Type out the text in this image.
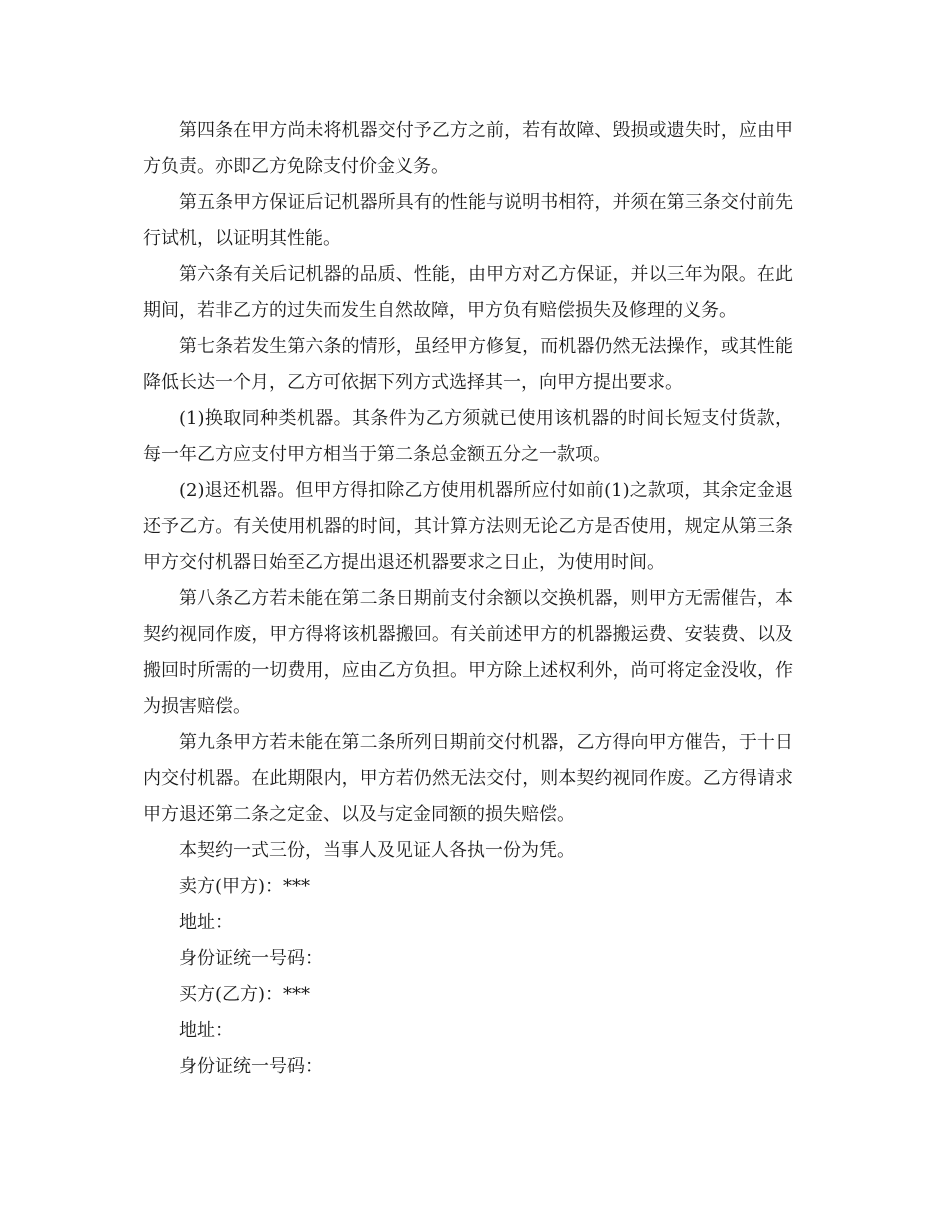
第四条在甲方尚未将机器交付予乙方之前，若有故障、毁损或遗失时，应由甲方负责。亦即乙方免除支付价金义务。

第五条甲方保证后记机器所具有的性能与说明书相符，并须在第三条交付前先行试机，以证明其性能。

第六条有关后记机器的品质、性能，由甲方对乙方保证，并以三年为限。在此期间，若非乙方的过失而发生自然故障，甲方负有赔偿损失及修理的义务。

第七条若发生第六条的情形，虽经甲方修复，而机器仍然无法操作，或其性能降低长达一个月，乙方可依据下列方式选择其一，向甲方提出要求。

(1)换取同种类机器。其条件为乙方须就已使用该机器的时间长短支付货款，每一年乙方应支付甲方相当于第二条总金额五分之一款项。

(2)退还机器。但甲方得扣除乙方使用机器所应付如前(1)之款项，其余定金退还予乙方。有关使用机器的时间，其计算方法则无论乙方是否使用，规定从第三条甲方交付机器日始至乙方提出退还机器要求之日止，为使用时间。

第八条乙方若未能在第二条日期前支付余额以交换机器，则甲方无需催告，本契约视同作废，甲方得将该机器搬回。有关前述甲方的机器搬运费、安装费、以及搬回时所需的一切费用，应由乙方负担。甲方除上述权利外，尚可将定金没收，作为损害赔偿。

第九条甲方若未能在第二条所列日期前交付机器，乙方得向甲方催告，于十日内交付机器。在此期限内，甲方若仍然无法交付，则本契约视同作废。乙方得请求甲方退还第二条之定金、以及与定金同额的损失赔偿。

本契约一式三份，当事人及见证人各执一份为凭。

卖方(甲方)：***

地址：

身份证统一号码：

买方(乙方)：***

地址：

身份证统一号码：
